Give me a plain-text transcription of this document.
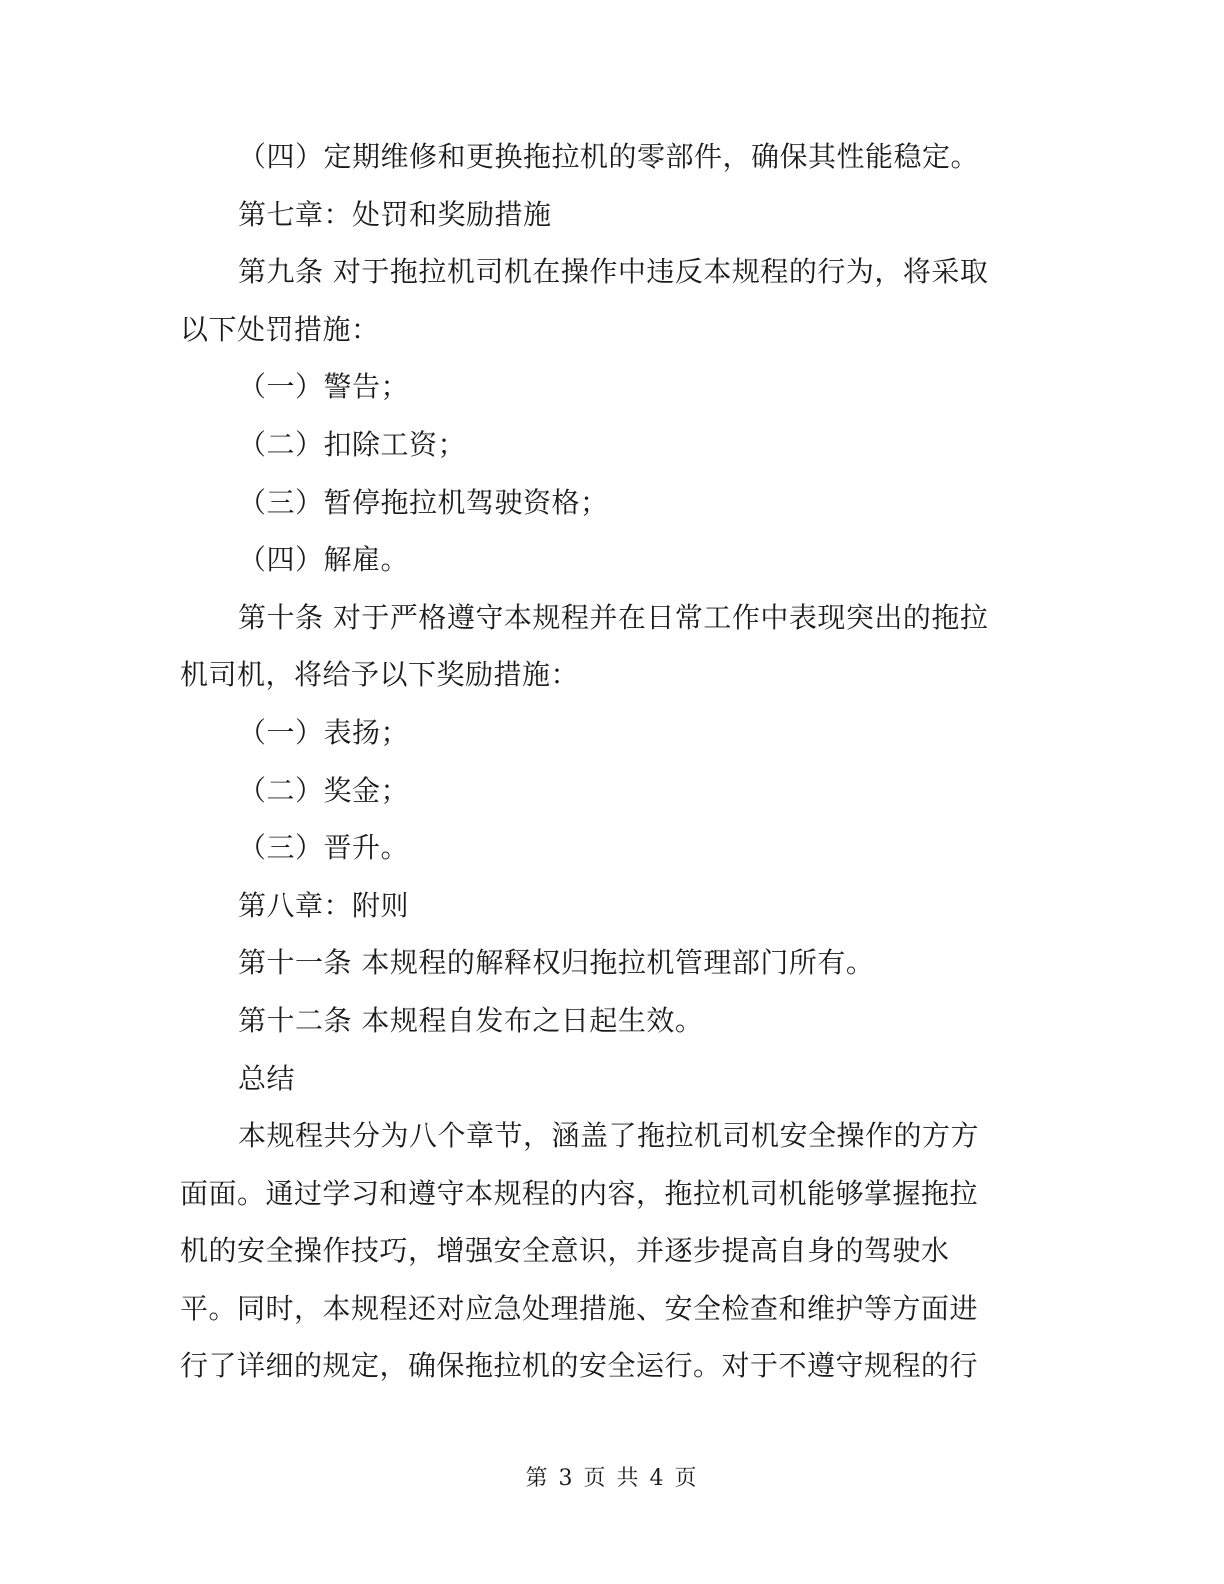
（四）定期维修和更换拖拉机的零部件，确保其性能稳定。
第七章：处罚和奖励措施
第九条 对于拖拉机司机在操作中违反本规程的行为，将采取
以下处罚措施：
（一）警告；
（二）扣除工资；
（三）暂停拖拉机驾驶资格；
（四）解雇。
第十条 对于严格遵守本规程并在日常工作中表现突出的拖拉
机司机，将给予以下奖励措施：
（一）表扬；
（二）奖金；
（三）晋升。
第八章：附则
第十一条 本规程的解释权归拖拉机管理部门所有。
第十二条 本规程自发布之日起生效。
总结
本规程共分为八个章节，涵盖了拖拉机司机安全操作的方方
面面。通过学习和遵守本规程的内容，拖拉机司机能够掌握拖拉
机的安全操作技巧，增强安全意识，并逐步提高自身的驾驶水
平。同时，本规程还对应急处理措施、安全检查和维护等方面进
行了详细的规定，确保拖拉机的安全运行。对于不遵守规程的行
第 3 页 共 4 页
